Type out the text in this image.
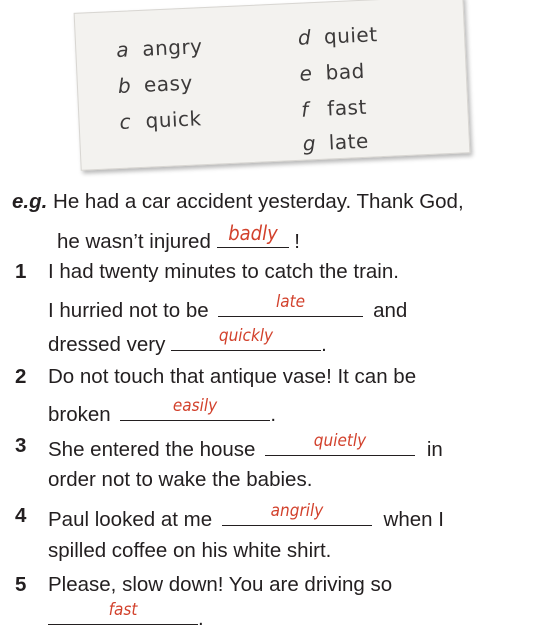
a angry
b easy
c quick
d quiet
e bad
f fast
g late
e.g. He had a car accident yesterday. Thank God,
he wasn’t injured badly !
1 I had twenty minutes to catch the train.
I hurried not to be	late	and
dressed very	quickly	.
2 Do not touch that antique vase! It can be
broken	easily	.
3 She entered the house	quietly	in
order not to wake the babies.
4 Paul looked at me	angrily	when I
spilled coffee on his white shirt.
5 Please, slow down! You are driving so
fast	.
